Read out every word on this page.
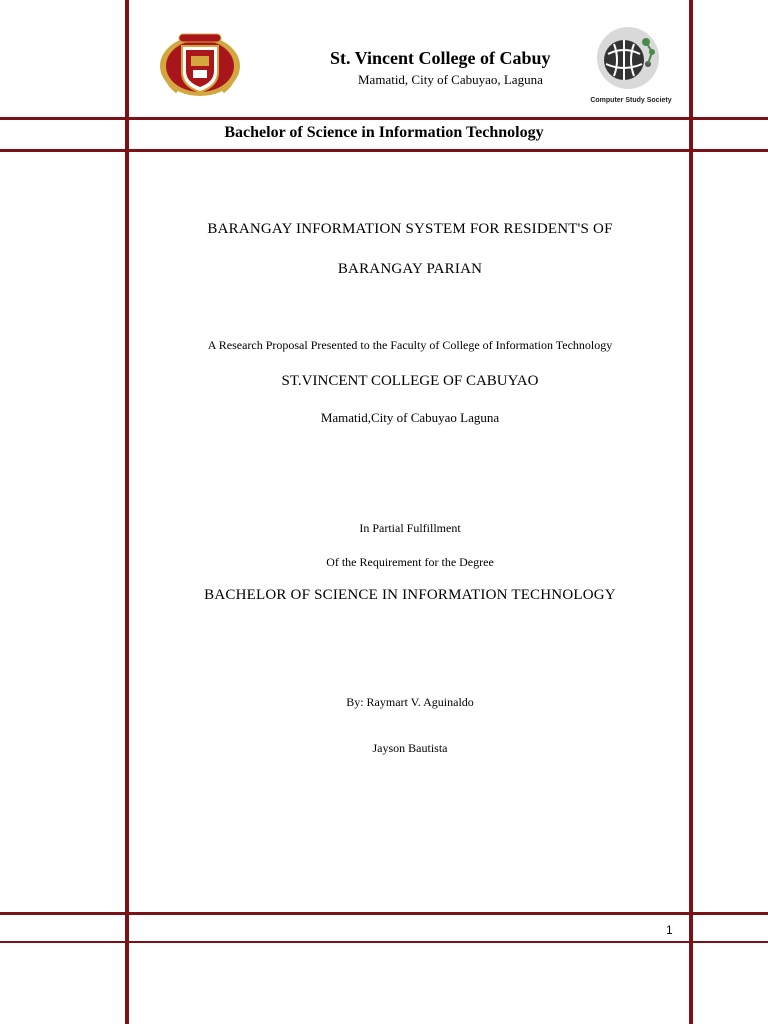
St. Vincent College of Cabuy
Mamatid, City of Cabuyao, Laguna
Computer Study Society
Bachelor of Science in Information Technology
BARANGAY INFORMATION SYSTEM FOR RESIDENT'S OF
BARANGAY PARIAN
A Research Proposal Presented to the Faculty of College of Information Technology
ST.VINCENT COLLEGE OF CABUYAO
Mamatid,City of Cabuyao Laguna
In Partial Fulfillment
Of the Requirement for the Degree
BACHELOR OF SCIENCE IN INFORMATION TECHNOLOGY
By: Raymart V. Aguinaldo
Jayson Bautista
1
